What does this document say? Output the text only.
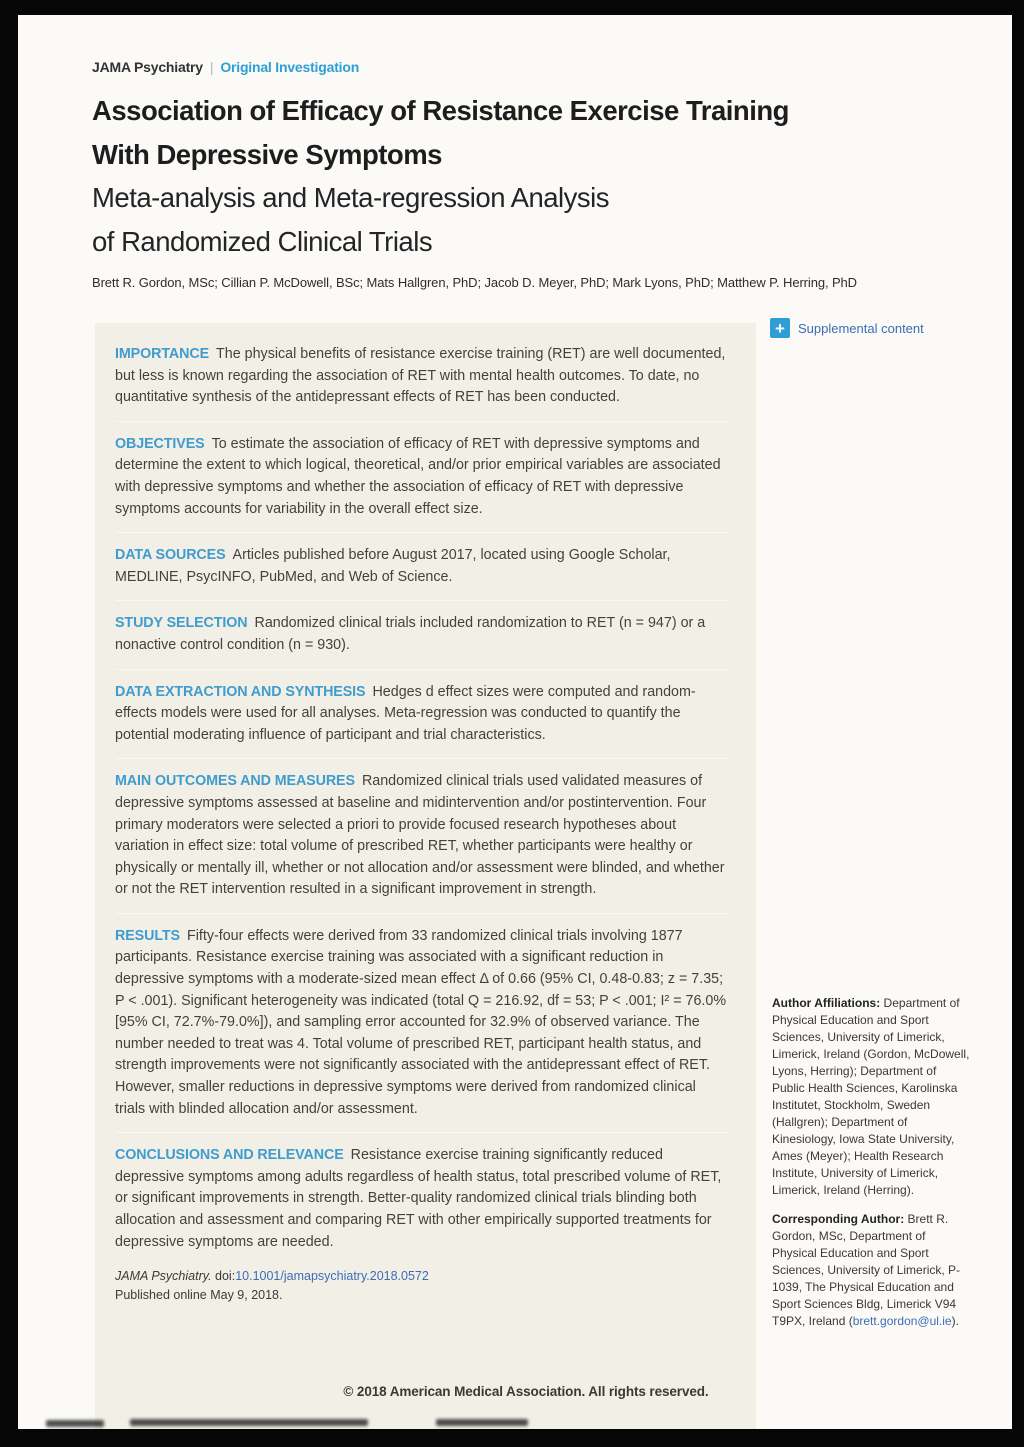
JAMA Psychiatry | Original Investigation
Association of Efficacy of Resistance Exercise Training
With Depressive Symptoms
Meta-analysis and Meta-regression Analysis
of Randomized Clinical Trials
Brett R. Gordon, MSc; Cillian P. McDowell, BSc; Mats Hallgren, PhD; Jacob D. Meyer, PhD; Mark Lyons, PhD; Matthew P. Herring, PhD

IMPORTANCE The physical benefits of resistance exercise training (RET) are well documented, but less is known regarding the association of RET with mental health outcomes. To date, no quantitative synthesis of the antidepressant effects of RET has been conducted.

OBJECTIVES To estimate the association of efficacy of RET with depressive symptoms and determine the extent to which logical, theoretical, and/or prior empirical variables are associated with depressive symptoms and whether the association of efficacy of RET with depressive symptoms accounts for variability in the overall effect size.

DATA SOURCES Articles published before August 2017, located using Google Scholar, MEDLINE, PsycINFO, PubMed, and Web of Science.

STUDY SELECTION Randomized clinical trials included randomization to RET (n = 947) or a nonactive control condition (n = 930).

DATA EXTRACTION AND SYNTHESIS Hedges d effect sizes were computed and random-effects models were used for all analyses. Meta-regression was conducted to quantify the potential moderating influence of participant and trial characteristics.

MAIN OUTCOMES AND MEASURES Randomized clinical trials used validated measures of depressive symptoms assessed at baseline and midintervention and/or postintervention. Four primary moderators were selected a priori to provide focused research hypotheses about variation in effect size: total volume of prescribed RET, whether participants were healthy or physically or mentally ill, whether or not allocation and/or assessment were blinded, and whether or not the RET intervention resulted in a significant improvement in strength.

RESULTS Fifty-four effects were derived from 33 randomized clinical trials involving 1877 participants. Resistance exercise training was associated with a significant reduction in depressive symptoms with a moderate-sized mean effect Δ of 0.66 (95% CI, 0.48-0.83; z = 7.35; P < .001). Significant heterogeneity was indicated (total Q = 216.92, df = 53; P < .001; I² = 76.0% [95% CI, 72.7%-79.0%]), and sampling error accounted for 32.9% of observed variance. The number needed to treat was 4. Total volume of prescribed RET, participant health status, and strength improvements were not significantly associated with the antidepressant effect of RET. However, smaller reductions in depressive symptoms were derived from randomized clinical trials with blinded allocation and/or assessment.

CONCLUSIONS AND RELEVANCE Resistance exercise training significantly reduced depressive symptoms among adults regardless of health status, total prescribed volume of RET, or significant improvements in strength. Better-quality randomized clinical trials blinding both allocation and assessment and comparing RET with other empirically supported treatments for depressive symptoms are needed.

JAMA Psychiatry. doi:10.1001/jamapsychiatry.2018.0572
Published online May 9, 2018.
+	Supplemental content

Author Affiliations: Department of Physical Education and Sport Sciences, University of Limerick, Limerick, Ireland (Gordon, McDowell, Lyons, Herring); Department of Public Health Sciences, Karolinska Institutet, Stockholm, Sweden (Hallgren); Department of Kinesiology, Iowa State University, Ames (Meyer); Health Research Institute, University of Limerick, Limerick, Ireland (Herring).

Corresponding Author: Brett R. Gordon, MSc, Department of Physical Education and Sport Sciences, University of Limerick, P-1039, The Physical Education and Sport Sciences Bldg, Limerick V94 T9PX, Ireland (brett.gordon@ul.ie).

© 2018 American Medical Association. All rights reserved.
